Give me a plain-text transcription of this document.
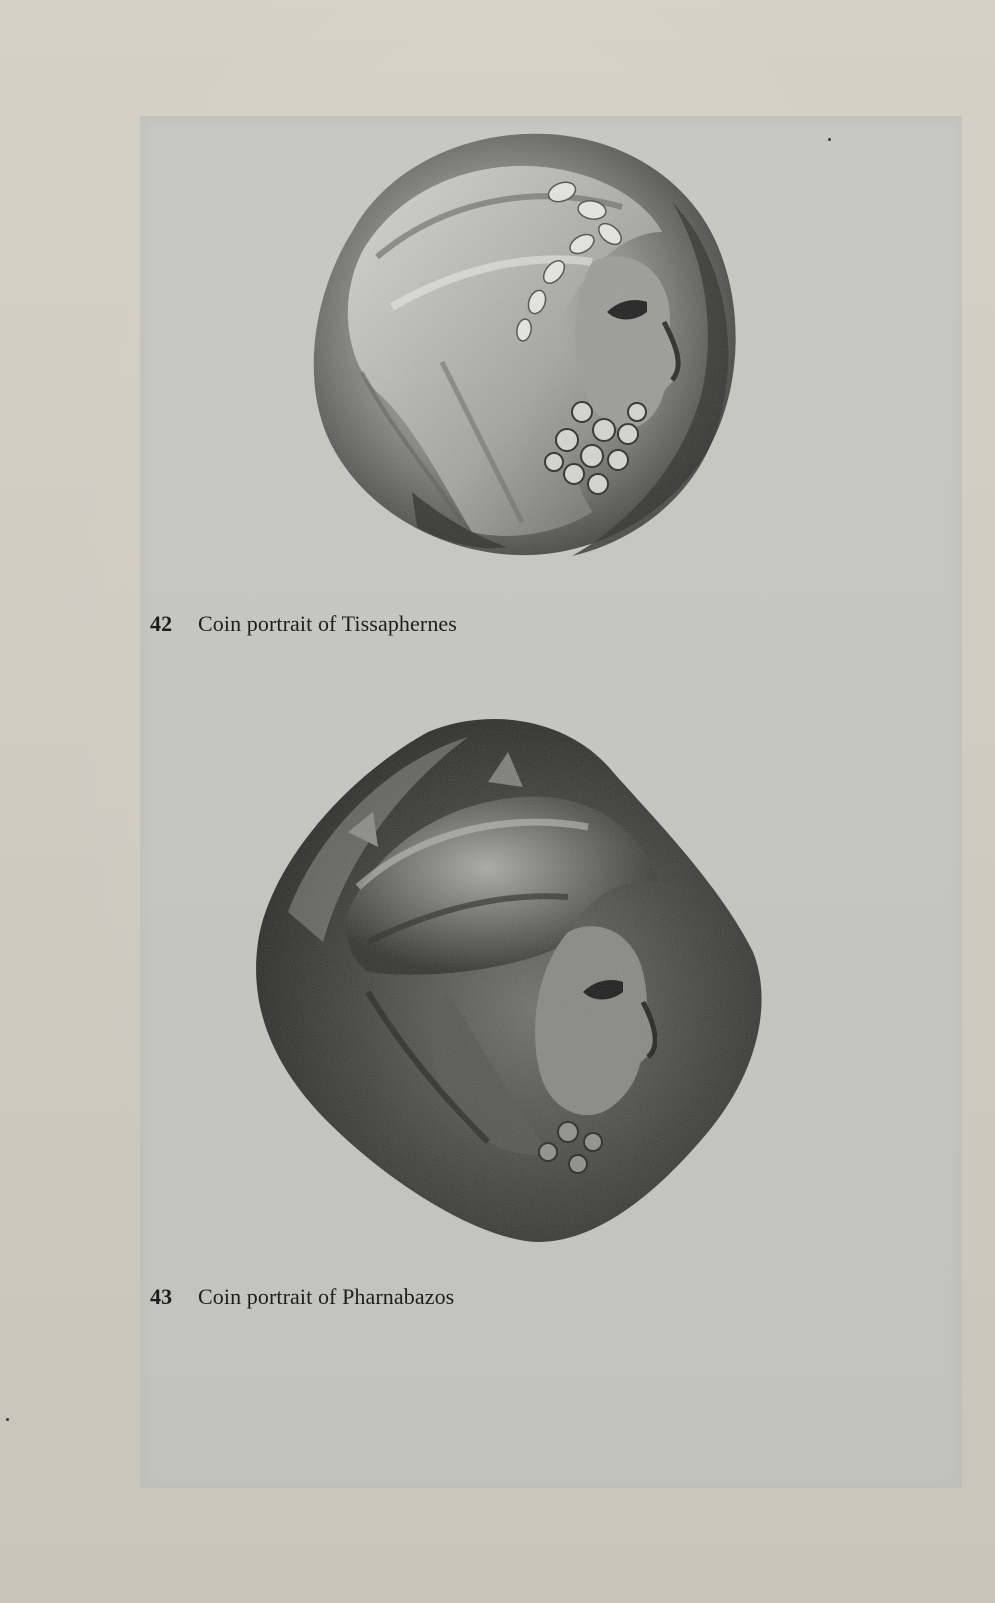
42 Coin portrait of Tissaphernes

43 Coin portrait of Pharnabazos
